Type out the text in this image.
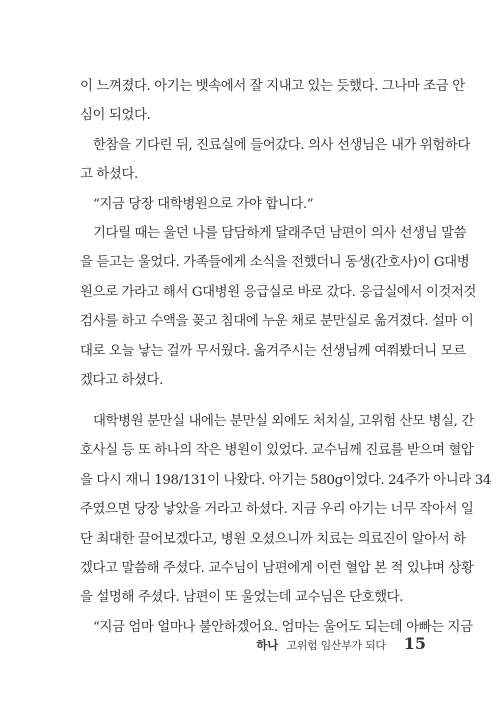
이 느껴졌다. 아기는 뱃속에서 잘 지내고 있는 듯했다. 그나마 조금 안
심이 되었다.
한참을 기다린 뒤, 진료실에 들어갔다. 의사 선생님은 내가 위험하다
고 하셨다.
“지금 당장 대학병원으로 가야 합니다.”
기다릴 때는 울던 나를 담담하게 달래주던 남편이 의사 선생님 말씀
을 듣고는 울었다. 가족들에게 소식을 전했더니 동생(간호사)이 G대병
원으로 가라고 해서 G대병원 응급실로 바로 갔다. 응급실에서 이것저것
검사를 하고 수액을 꽂고 침대에 누운 채로 분만실로 옮겨졌다. 설마 이
대로 오늘 낳는 걸까 무서웠다. 옮겨주시는 선생님께 여쭤봤더니 모르
겠다고 하셨다.
대학병원 분만실 내에는 분만실 외에도 처치실, 고위험 산모 병실, 간
호사실 등 또 하나의 작은 병원이 있었다. 교수님께 진료를 받으며 혈압
을 다시 재니 198/131이 나왔다. 아기는 580g이었다. 24주가 아니라 34
주였으면 당장 낳았을 거라고 하셨다. 지금 우리 아기는 너무 작아서 일
단 최대한 끌어보겠다고, 병원 오셨으니까 치료는 의료진이 알아서 하
겠다고 말씀해 주셨다. 교수님이 남편에게 이런 혈압 본 적 있냐며 상황
을 설명해 주셨다. 남편이 또 울었는데 교수님은 단호했다.
“지금 엄마 얼마나 불안하겠어요. 엄마는 울어도 되는데 아빠는 지금
하나 고위험 임산부가 되다 15
